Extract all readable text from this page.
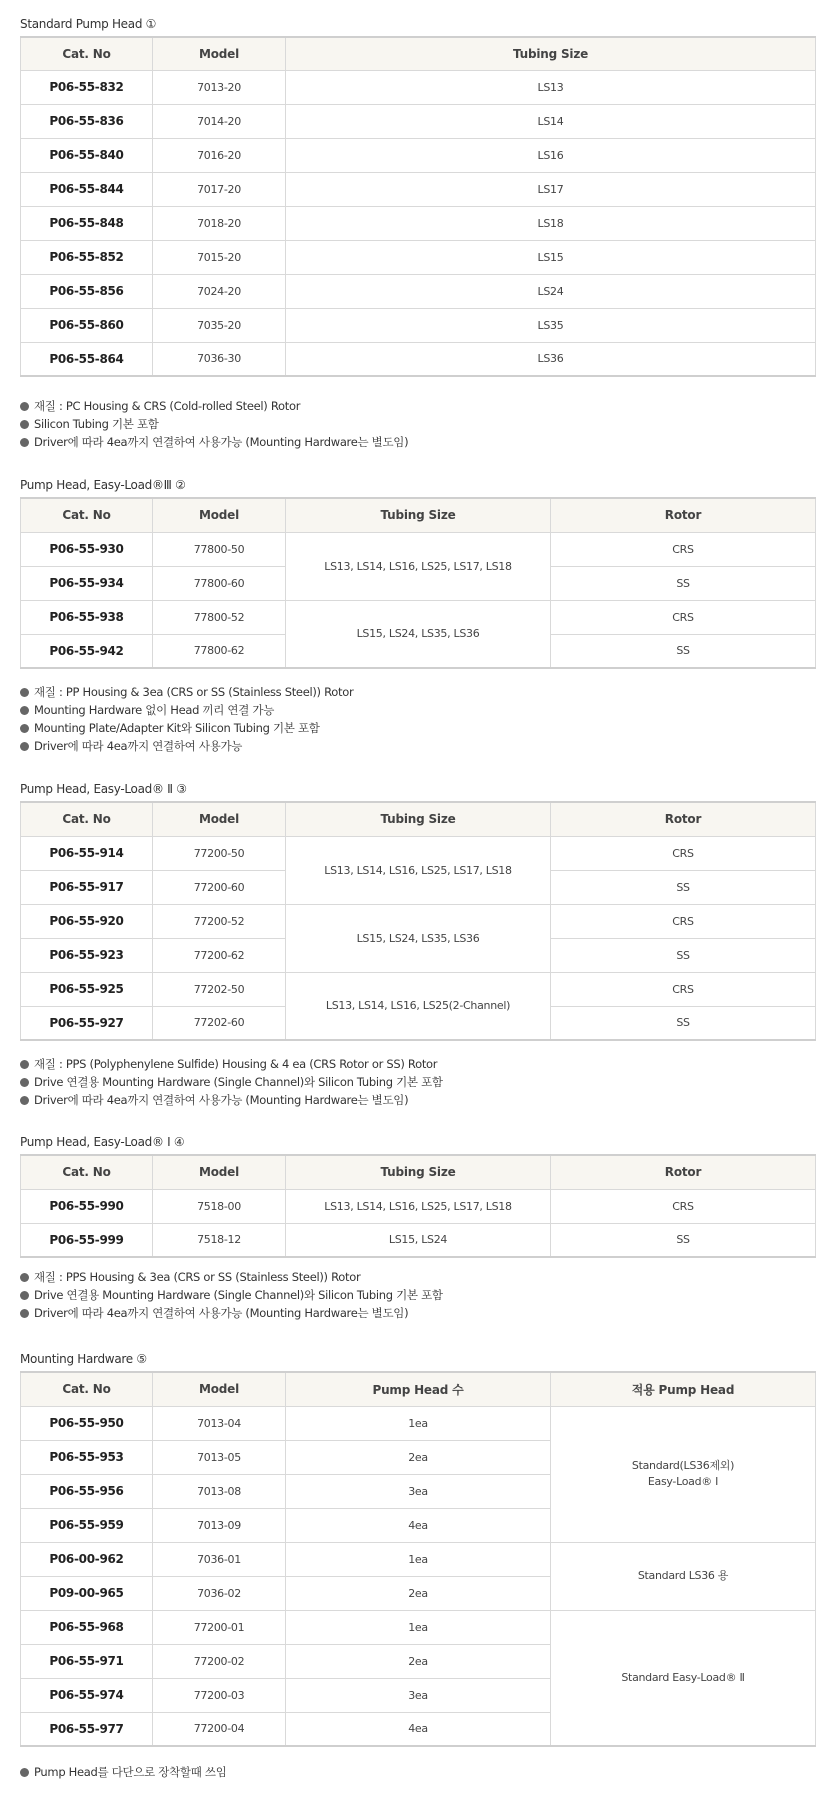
Standard Pump Head ①
Cat. No	Model	Tubing Size
P06-55-832	7013-20	LS13
P06-55-836	7014-20	LS14
P06-55-840	7016-20	LS16
P06-55-844	7017-20	LS17
P06-55-848	7018-20	LS18
P06-55-852	7015-20	LS15
P06-55-856	7024-20	LS24
P06-55-860	7035-20	LS35
P06-55-864	7036-30	LS36
재질 : PC Housing & CRS (Cold-rolled Steel) Rotor
Silicon Tubing 기본 포함
Driver에 따라 4ea까지 연결하여 사용가능 (Mounting Hardware는 별도임)
Pump Head, Easy-Load®Ⅲ ②
Cat. No	Model	Tubing Size	Rotor
P06-55-930	77800-50	LS13, LS14, LS16, LS25, LS17, LS18	CRS
P06-55-934	77800-60		SS
P06-55-938	77800-52	LS15, LS24, LS35, LS36	CRS
P06-55-942	77800-62		SS
재질 : PP Housing & 3ea (CRS or SS (Stainless Steel)) Rotor
Mounting Hardware 없이 Head 끼리 연결 가능
Mounting Plate/Adapter Kit와 Silicon Tubing 기본 포함
Driver에 따라 4ea까지 연결하여 사용가능
Pump Head, Easy-Load® Ⅱ ③
Cat. No	Model	Tubing Size	Rotor
P06-55-914	77200-50	LS13, LS14, LS16, LS25, LS17, LS18	CRS
P06-55-917	77200-60		SS
P06-55-920	77200-52	LS15, LS24, LS35, LS36	CRS
P06-55-923	77200-62		SS
P06-55-925	77202-50	LS13, LS14, LS16, LS25(2-Channel)	CRS
P06-55-927	77202-60		SS
재질 : PPS (Polyphenylene Sulfide) Housing & 4 ea (CRS Rotor or SS) Rotor
Drive 연결용 Mounting Hardware (Single Channel)와 Silicon Tubing 기본 포함
Driver에 따라 4ea까지 연결하여 사용가능 (Mounting Hardware는 별도임)
Pump Head, Easy-Load® Ⅰ ④
Cat. No	Model	Tubing Size	Rotor
P06-55-990	7518-00	LS13, LS14, LS16, LS25, LS17, LS18	CRS
P06-55-999	7518-12	LS15, LS24	SS
재질 : PPS Housing & 3ea (CRS or SS (Stainless Steel)) Rotor
Drive 연결용 Mounting Hardware (Single Channel)와 Silicon Tubing 기본 포함
Driver에 따라 4ea까지 연결하여 사용가능 (Mounting Hardware는 별도임)
Mounting Hardware ⑤
Cat. No	Model	Pump Head 수	적용 Pump Head
P06-55-950	7013-04	1ea	Standard(LS36제외)
Easy-Load® Ⅰ

P06-55-953	7013-05	2ea	
P06-55-956	7013-08	3ea	
P06-55-959	7013-09	4ea	
P06-00-962	7036-01	1ea	Standard LS36 용

P09-00-965	7036-02	2ea	
P06-55-968	77200-01	1ea	Standard Easy-Load® Ⅱ

P06-55-971	77200-02	2ea	
P06-55-974	77200-03	3ea	
P06-55-977	77200-04	4ea	
Pump Head를 다단으로 장착할때 쓰임
